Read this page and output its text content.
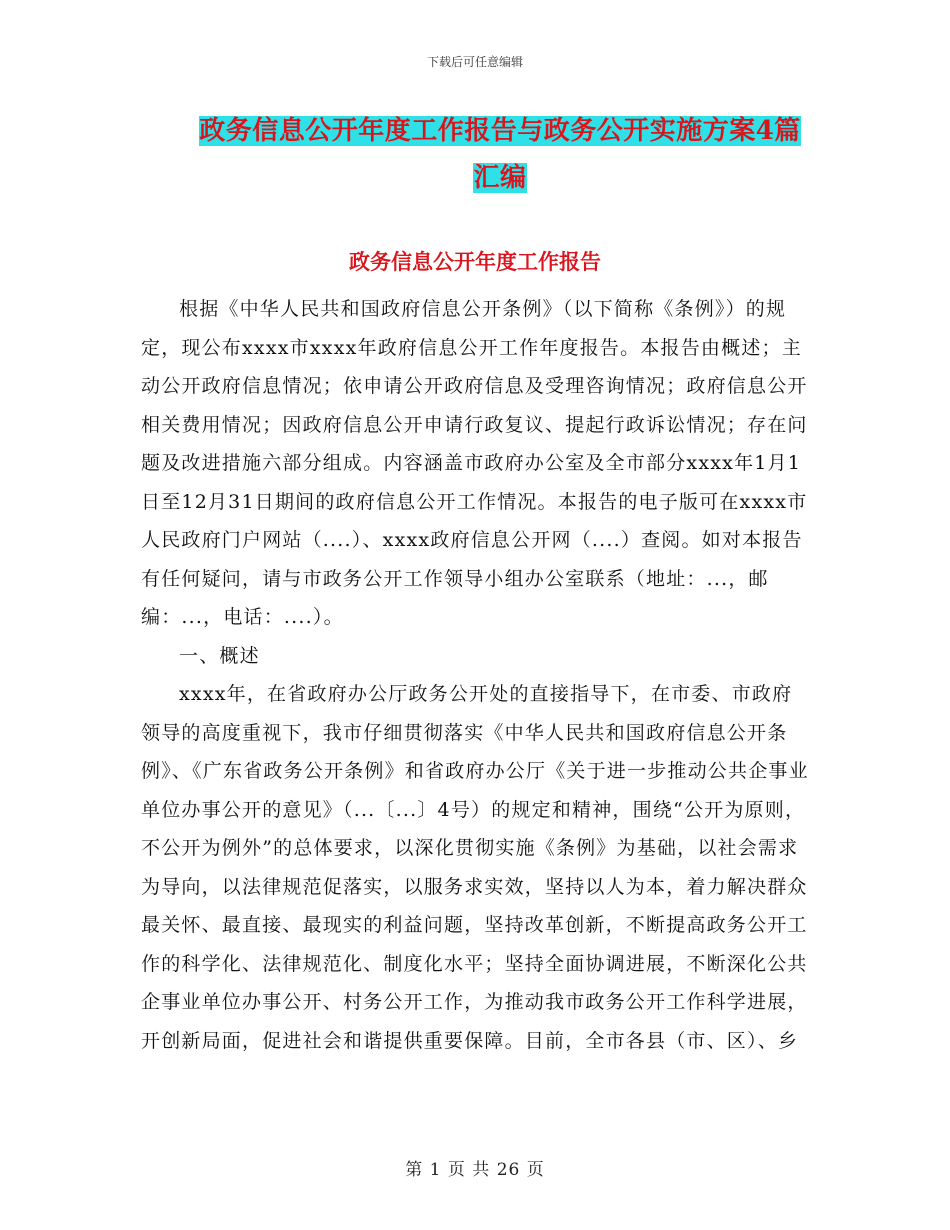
下载后可任意编辑
政务信息公开年度工作报告与政务公开实施方案4篇
汇编
政务信息公开年度工作报告

根据《中华人民共和国政府信息公开条例》（以下简称《条例》）的规定，现公布xxxx市xxxx年政府信息公开工作年度报告。本报告由概述；主动公开政府信息情况；依申请公开政府信息及受理咨询情况；政府信息公开相关费用情况；因政府信息公开申请行政复议、提起行政诉讼情况；存在问题及改进措施六部分组成。内容涵盖市政府办公室及全市部分xxxx年1月1日至12月31日期间的政府信息公开工作情况。本报告的电子版可在xxxx市人民政府门户网站（....）、xxxx政府信息公开网（....）查阅。如对本报告有任何疑问，请与市政务公开工作领导小组办公室联系（地址：...，邮编：...，电话：....）。

一、概述

xxxx年，在省政府办公厅政务公开处的直接指导下，在市委、市政府领导的高度重视下，我市仔细贯彻落实《中华人民共和国政府信息公开条例》、《广东省政务公开条例》和省政府办公厅《关于进一步推动公共企事业单位办事公开的意见》（...〔...〕4号）的规定和精神，围绕“公开为原则，不公开为例外”的总体要求，以深化贯彻实施《条例》为基础，以社会需求为导向，以法律规范促落实，以服务求实效，坚持以人为本，着力解决群众最关怀、最直接、最现实的利益问题，坚持改革创新，不断提高政务公开工作的科学化、法律规范化、制度化水平；坚持全面协调进展，不断深化公共企事业单位办事公开、村务公开工作，为推动我市政务公开工作科学进展，开创新局面，促进社会和谐提供重要保障。目前，全市各县（市、区）、乡

第 1 页 共 26 页
